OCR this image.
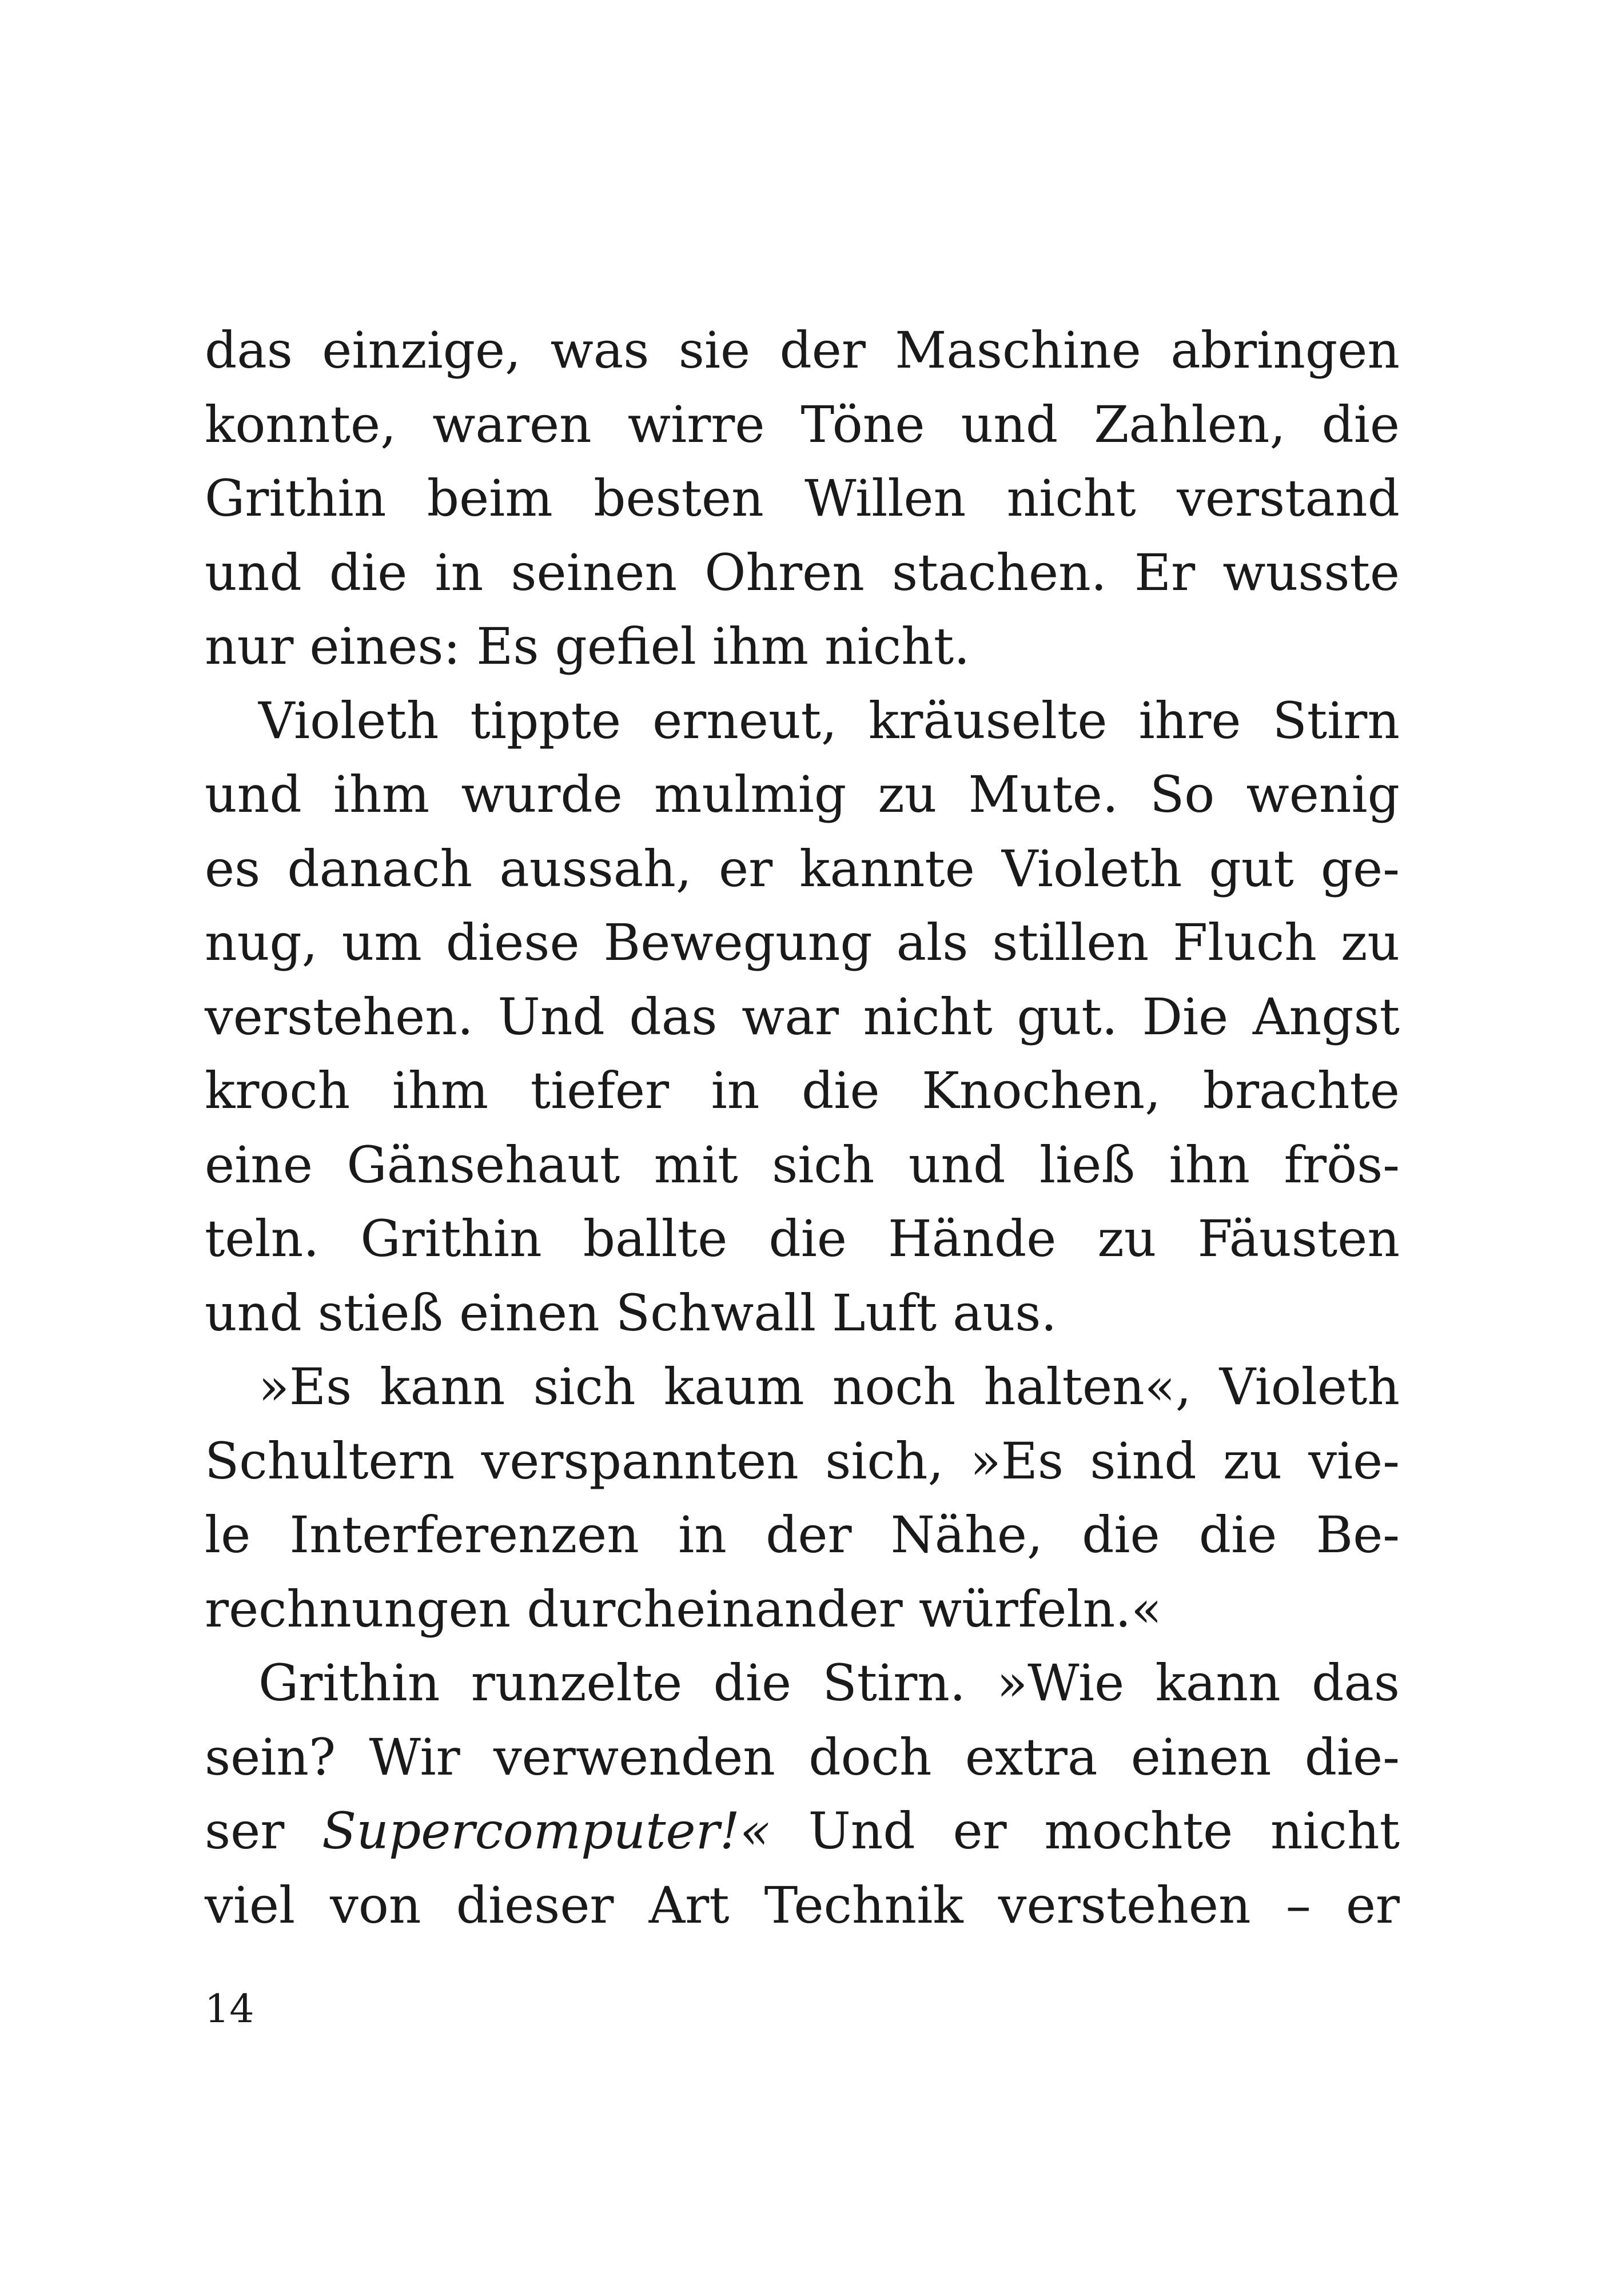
das einzige, was sie der Maschine abringen
konnte, waren wirre Töne und Zahlen, die
Grithin beim besten Willen nicht verstand
und die in seinen Ohren stachen. Er wusste
nur eines: Es gefiel ihm nicht.
Violeth tippte erneut, kräuselte ihre Stirn
und ihm wurde mulmig zu Mute. So wenig
es danach aussah, er kannte Violeth gut ge-
nug, um diese Bewegung als stillen Fluch zu
verstehen. Und das war nicht gut. Die Angst
kroch ihm tiefer in die Knochen, brachte
eine Gänsehaut mit sich und ließ ihn frös-
teln. Grithin ballte die Hände zu Fäusten
und stieß einen Schwall Luft aus.
»Es kann sich kaum noch halten«, Violeth
Schultern verspannten sich, »Es sind zu vie-
le Interferenzen in der Nähe, die die Be-
rechnungen durcheinander würfeln.«
Grithin runzelte die Stirn. »Wie kann das
sein? Wir verwenden doch extra einen die-
ser Supercomputer!« Und er mochte nicht
viel von dieser Art Technik verstehen – er
14
